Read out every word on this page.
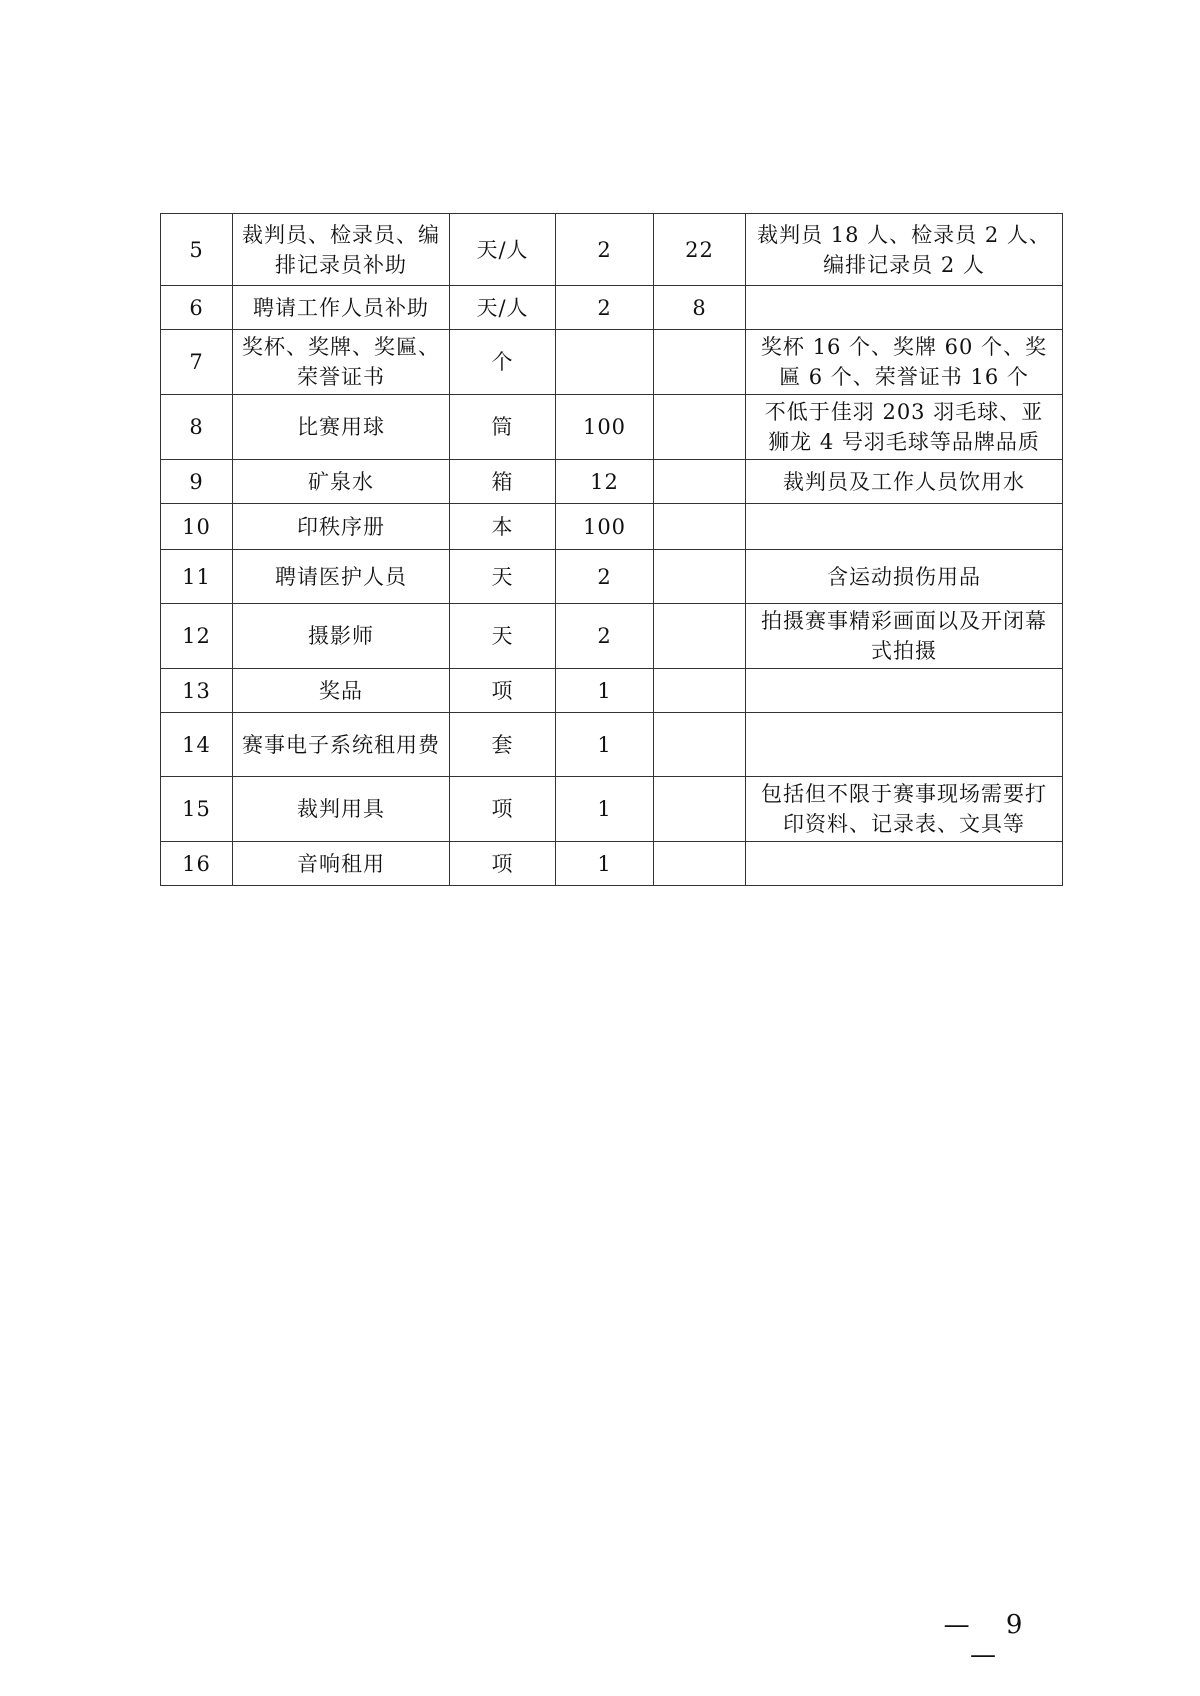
5	裁判员、检录员、编排记录员补助	天/人	2	22	裁判员 18 人、检录员 2 人、编排记录员 2 人
6	聘请工作人员补助	天/人	2	8	
7	奖杯、奖牌、奖匾、荣誉证书	个			奖杯 16 个、奖牌 60 个、奖匾 6 个、荣誉证书 16 个
8	比赛用球	筒	100		不低于佳羽 203 羽毛球、亚狮龙 4 号羽毛球等品牌品质
9	矿泉水	箱	12		裁判员及工作人员饮用水
10	印秩序册	本	100		
11	聘请医护人员	天	2		含运动损伤用品
12	摄影师	天	2		拍摄赛事精彩画面以及开闭幕式拍摄
13	奖品	项	1		
14	赛事电子系统租用费	套	1		
15	裁判用具	项	1		包括但不限于赛事现场需要打印资料、记录表、文具等
16	音响租用	项	1		
— 9 —
